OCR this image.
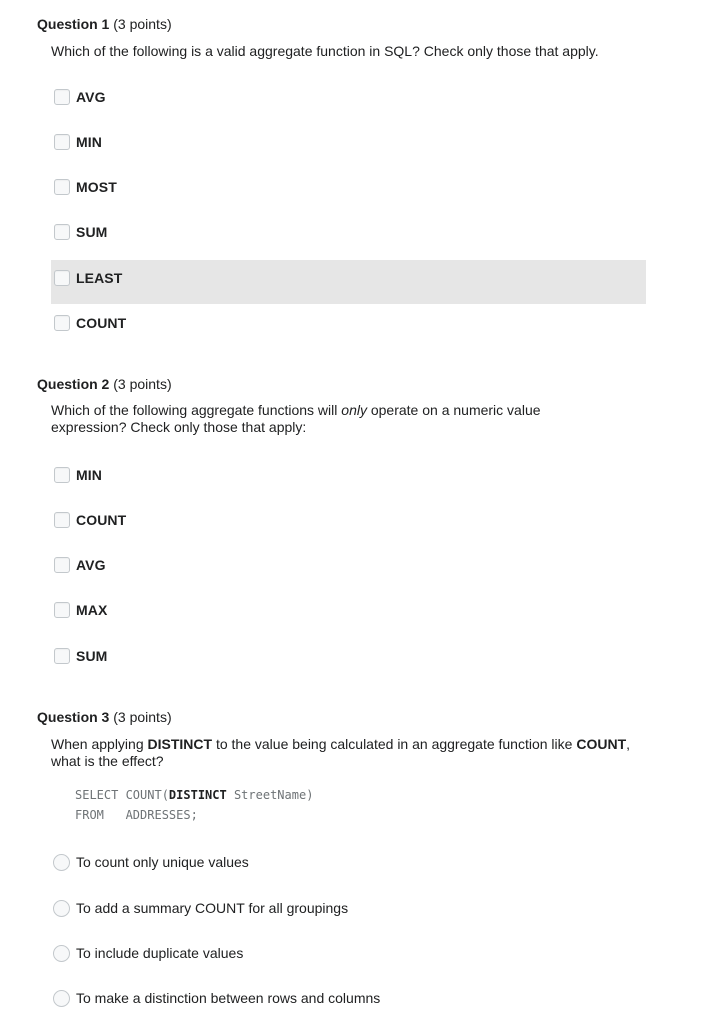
Question 1 (3 points)
Which of the following is a valid aggregate function in SQL? Check only those that apply.
AVG
MIN
MOST
SUM
LEAST
COUNT
Question 2 (3 points)
Which of the following aggregate functions will only operate on a numeric value expression? Check only those that apply:
MIN
COUNT
AVG
MAX
SUM
Question 3 (3 points)
When applying DISTINCT to the value being calculated in an aggregate function like COUNT, what is the effect?
SELECT COUNT(DISTINCT StreetName)
FROM   ADDRESSES;
To count only unique values
To add a summary COUNT for all groupings
To include duplicate values
To make a distinction between rows and columns
